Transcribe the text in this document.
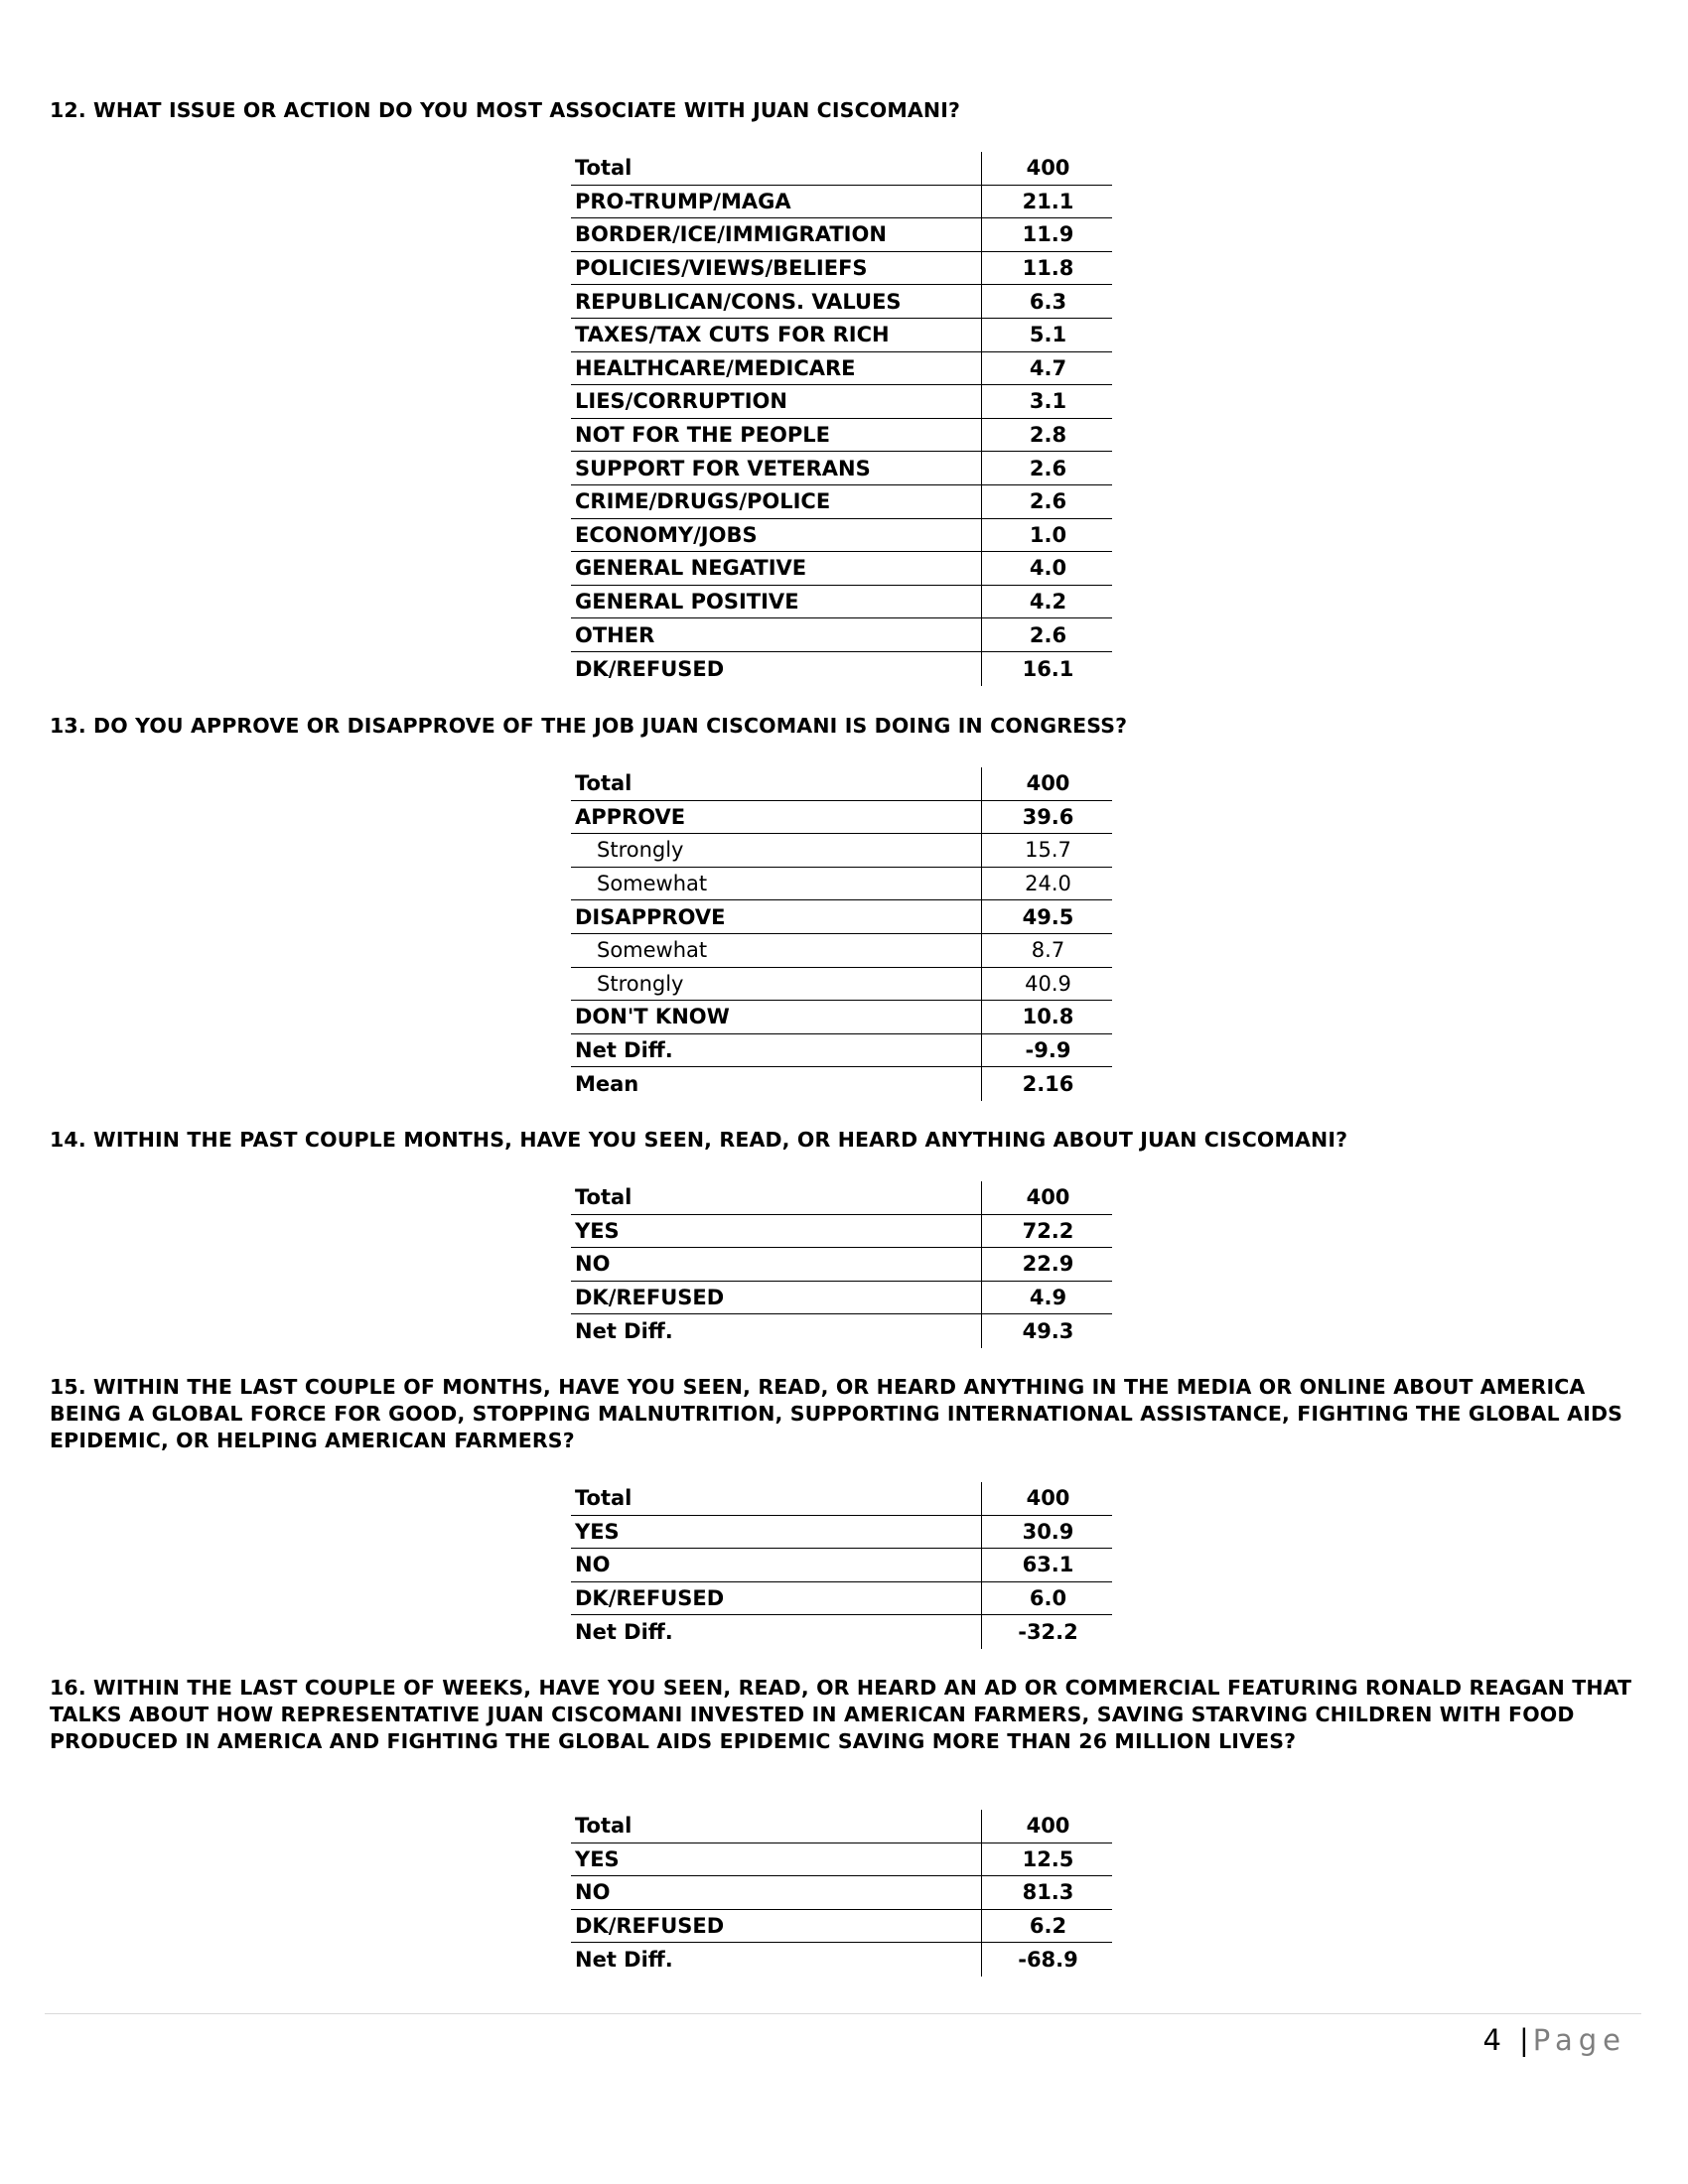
12. WHAT ISSUE OR ACTION DO YOU MOST ASSOCIATE WITH JUAN CISCOMANI?

Total	400
PRO-TRUMP/MAGA	21.1
BORDER/ICE/IMMIGRATION	11.9
POLICIES/VIEWS/BELIEFS	11.8
REPUBLICAN/CONS. VALUES	6.3
TAXES/TAX CUTS FOR RICH	5.1
HEALTHCARE/MEDICARE	4.7
LIES/CORRUPTION	3.1
NOT FOR THE PEOPLE	2.8
SUPPORT FOR VETERANS	2.6
CRIME/DRUGS/POLICE	2.6
ECONOMY/JOBS	1.0
GENERAL NEGATIVE	4.0
GENERAL POSITIVE	4.2
OTHER	2.6
DK/REFUSED	16.1

13. DO YOU APPROVE OR DISAPPROVE OF THE JOB JUAN CISCOMANI IS DOING IN CONGRESS?

Total	400
APPROVE	39.6
Strongly	15.7
Somewhat	24.0
DISAPPROVE	49.5
Somewhat	8.7
Strongly	40.9
DON'T KNOW	10.8
Net Diff.	-9.9
Mean	2.16

14. WITHIN THE PAST COUPLE MONTHS, HAVE YOU SEEN, READ, OR HEARD ANYTHING ABOUT JUAN CISCOMANI?

Total	400
YES	72.2
NO	22.9
DK/REFUSED	4.9
Net Diff.	49.3

15. WITHIN THE LAST COUPLE OF MONTHS, HAVE YOU SEEN, READ, OR HEARD ANYTHING IN THE MEDIA OR ONLINE ABOUT AMERICA BEING A GLOBAL FORCE FOR GOOD, STOPPING MALNUTRITION, SUPPORTING INTERNATIONAL ASSISTANCE, FIGHTING THE GLOBAL AIDS EPIDEMIC, OR HELPING AMERICAN FARMERS?

Total	400
YES	30.9
NO	63.1
DK/REFUSED	6.0
Net Diff.	-32.2

16. WITHIN THE LAST COUPLE OF WEEKS, HAVE YOU SEEN, READ, OR HEARD AN AD OR COMMERCIAL FEATURING RONALD REAGAN THAT TALKS ABOUT HOW REPRESENTATIVE JUAN CISCOMANI INVESTED IN AMERICAN FARMERS, SAVING STARVING CHILDREN WITH FOOD PRODUCED IN AMERICA AND FIGHTING THE GLOBAL AIDS EPIDEMIC SAVING MORE THAN 26 MILLION LIVES?

Total	400
YES	12.5
NO	81.3
DK/REFUSED	6.2
Net Diff.	-68.9
4 | Page
